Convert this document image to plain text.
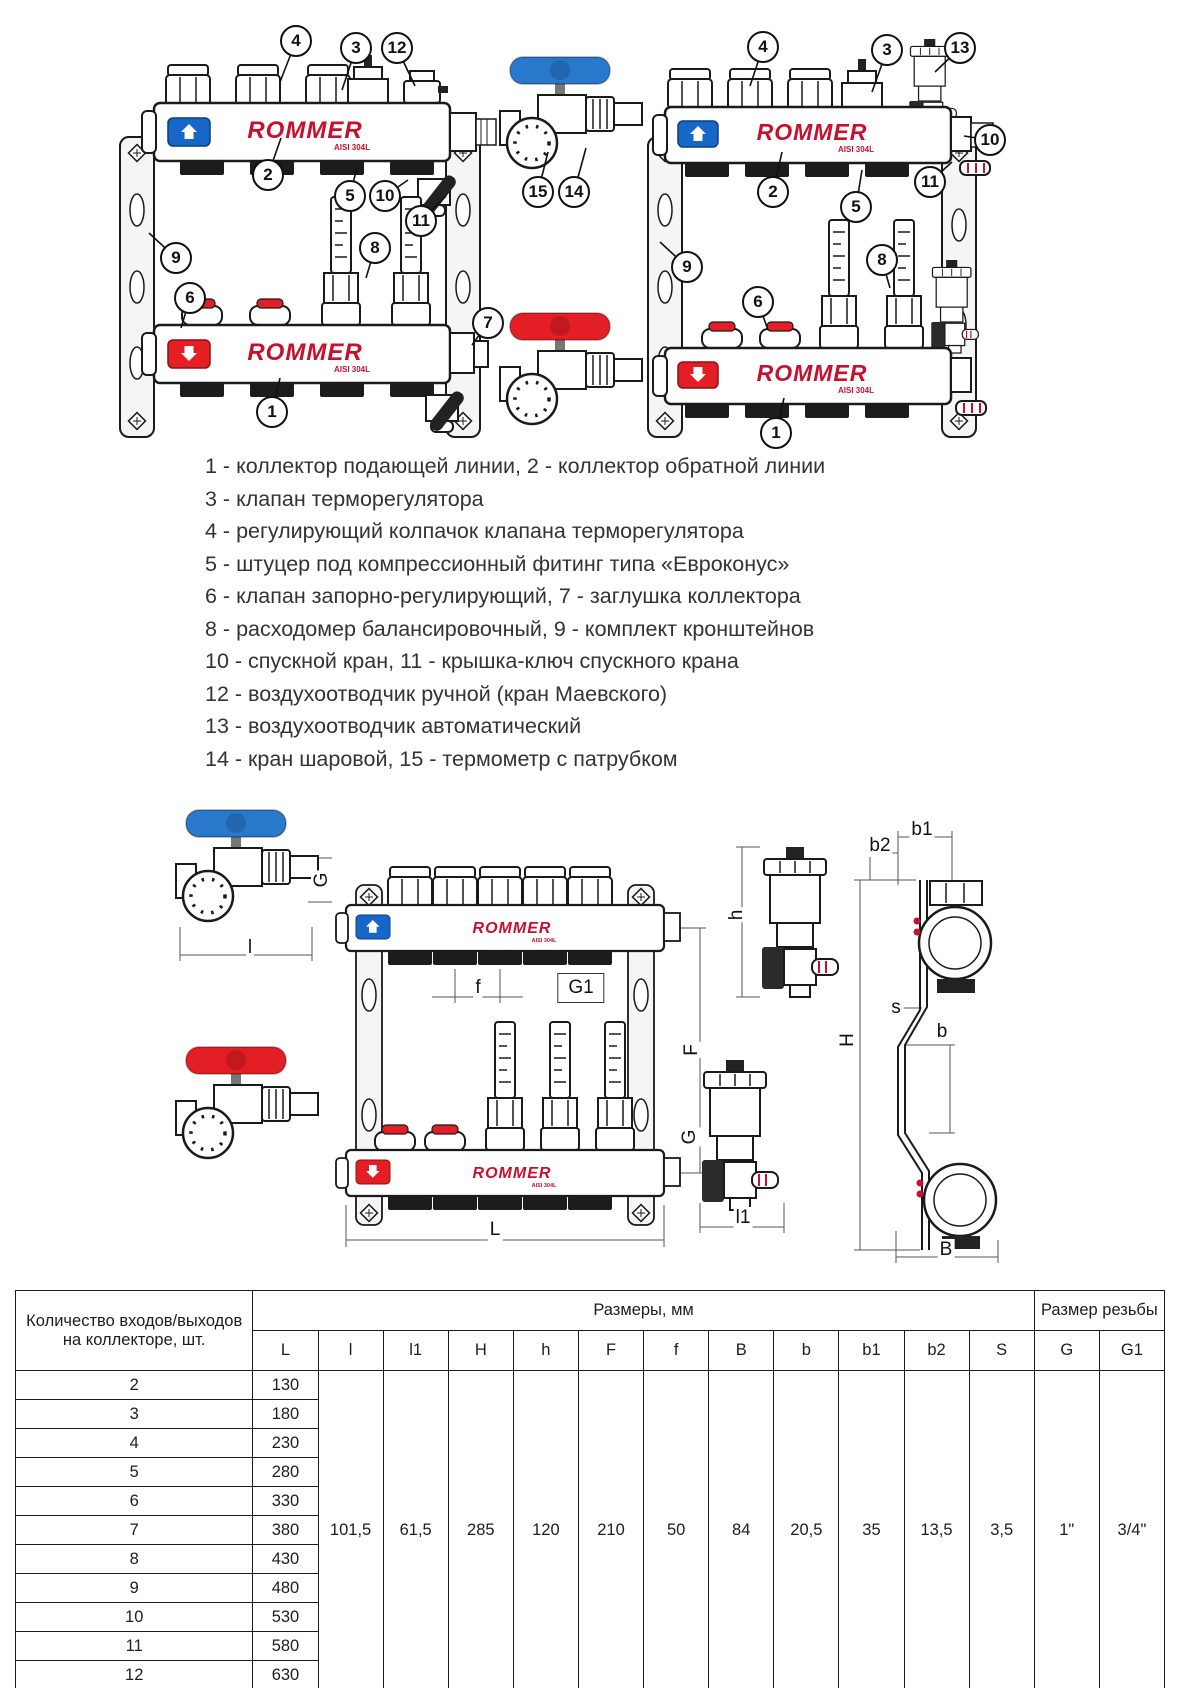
ROMMER
AISI 304L
ROMMER
AISI 304L
ROMMER
AISI 304L
ROMMER
AISI 304L
1 - коллектор подающей линии, 2 - коллектор обратной линии
3 - клапан терморегулятора
4 - регулирующий колпачок клапана терморегулятора
5 - штуцер под компрессионный фитинг типа «Евроконус»
6 - клапан запорно-регулирующий, 7 - заглушка коллектора
8 - расходомер балансировочный, 9 - комплект кронштейнов
10 - спускной кран, 11 - крышка-ключ спускного крана
12 - воздухоотводчик ручной (кран Маевского)
13 - воздухоотводчик автоматический
14 - кран шаровой, 15 - термометр с патрубком
ROMMER
AISI 304L
ROMMER
AISI 304L
4	3	12
2
5	10
11
9
8
6
7
1
4	3	13
15	14	2
5
9	8
6
10
11
1
G
l
f	G1
h
F
H
b2
b1
s
b
G
l1
L
B
Количество входов/выходов на коллекторе, шт.	Размеры, мм												Размер резьбы	
	L	l	l1	H	h	F	f	B	b	b1	b2	S	G	G1
2	130	101,5	61,5	285	120	210	50	84	20,5	35	13,5	3,5	1"	3/4"
3	180													
4	230													
5	280													
6	330													
7	380													
8	430													
9	480													
10	530													
11	580													
12	630													
